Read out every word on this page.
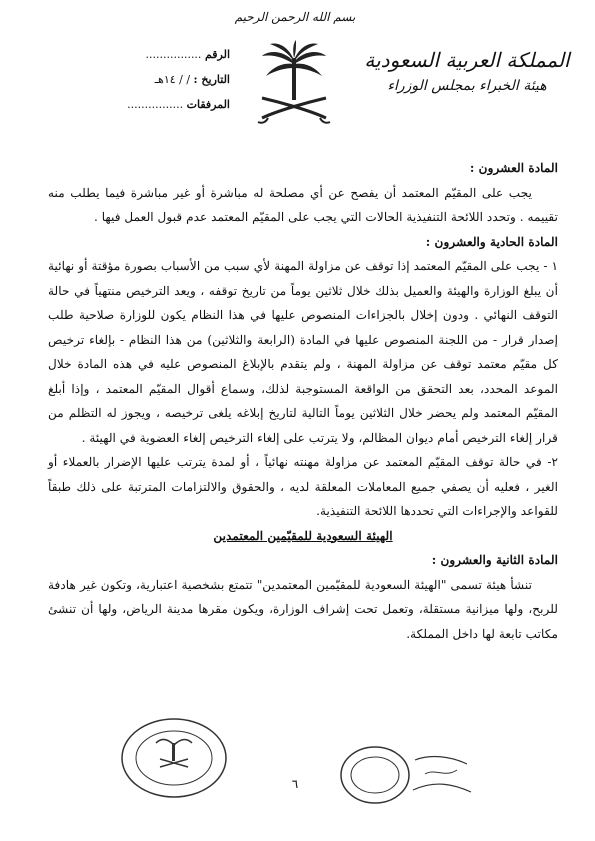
بسم الله الرحمن الرحيم
المملكة العربية السعودية
هيئة الخبراء بمجلس الوزراء
الرقم ................
التاريخ : / / ١٤هـ
المرفقات ................

المادة العشرون :

يجب على المقيّم المعتمد أن يفصح عن أي مصلحة له مباشرة أو غير مباشرة فيما يطلب منه تقييمه . وتحدد اللائحة التنفيذية الحالات التي يجب على المقيّم المعتمد عدم قبول العمل فيها .

المادة الحادية والعشرون :

١ - يجب على المقيّم المعتمد إذا توقف عن مزاولة المهنة لأي سبب من الأسباب بصورة مؤقتة أو نهائية أن يبلغ الوزارة والهيئة والعميل بذلك خلال ثلاثين يوماً من تاريخ توقفه ، ويعد الترخيص منتهياً في حالة التوقف النهائي . ودون إخلال بالجزاءات المنصوص عليها في هذا النظام يكون للوزارة صلاحية طلب إصدار قرار - من اللجنة المنصوص عليها في المادة (الرابعة والثلاثين) من هذا النظام - بإلغاء ترخيص كل مقيّم معتمد توقف عن مزاولة المهنة ، ولم يتقدم بالإبلاغ المنصوص عليه في هذه المادة خلال الموعد المحدد، بعد التحقق من الواقعة المستوجبة لذلك، وسماع أقوال المقيّم المعتمد ، وإذا أبلغ المقيّم المعتمد ولم يحضر خلال الثلاثين يوماً التالية لتاريخ إبلاغه يلغى ترخيصه ، ويجوز له التظلم من قرار إلغاء الترخيص أمام ديوان المظالم، ولا يترتب على إلغاء الترخيص إلغاء العضوية في الهيئة .

٢- في حالة توقف المقيّم المعتمد عن مزاولة مهنته نهائياً ، أو لمدة يترتب عليها الإضرار بالعملاء أو الغير ، فعليه أن يصفي جميع المعاملات المعلقة لديه ، والحقوق والالتزامات المترتبة على ذلك طبقاً للقواعد والإجراءات التي تحددها اللائحة التنفيذية.

الهيئة السعودية للمقيّمين المعتمدين

المادة الثانية والعشرون :

تنشأ هيئة تسمى "الهيئة السعودية للمقيّمين المعتمدين" تتمتع بشخصية اعتبارية، وتكون غير هادفة للربح، ولها ميزانية مستقلة، وتعمل تحت إشراف الوزارة، ويكون مقرها مدينة الرياض، ولها أن تنشئ مكاتب تابعة لها داخل المملكة.

٦
